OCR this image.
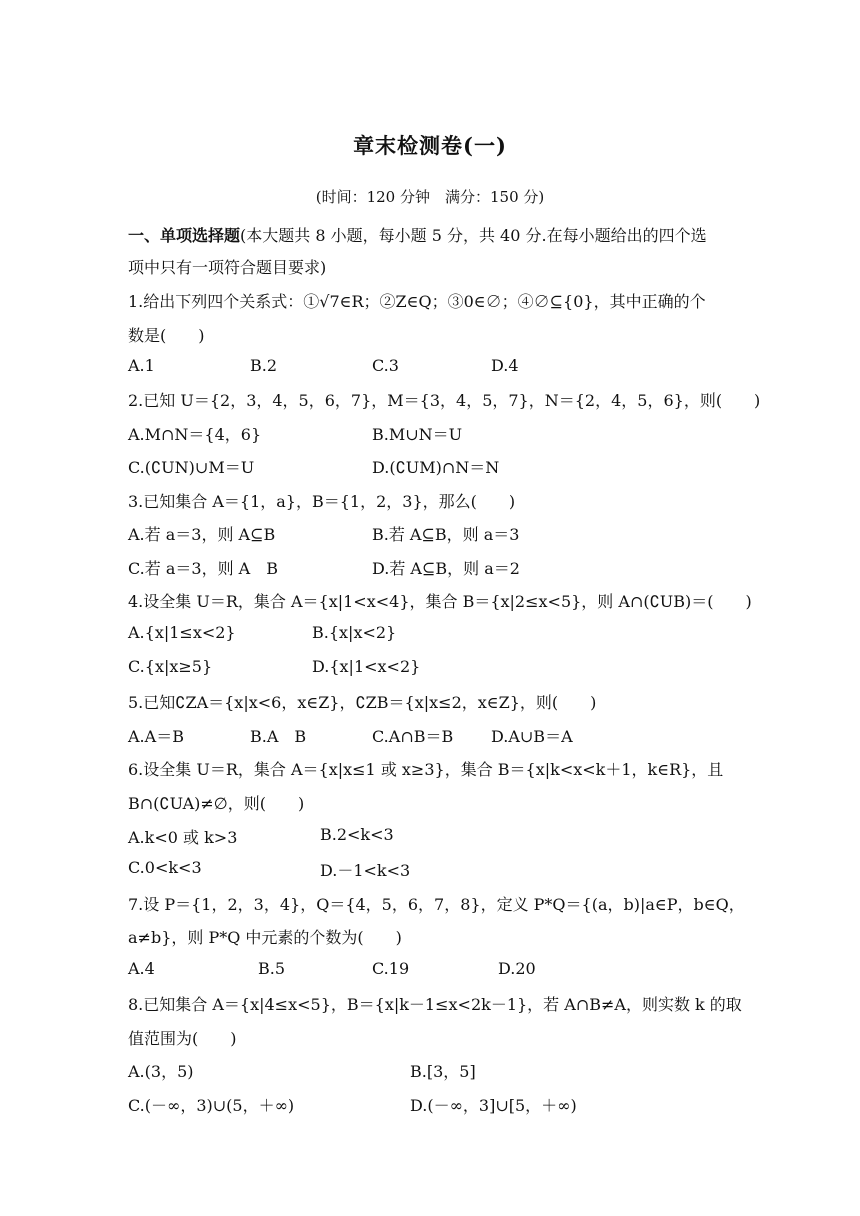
章末检测卷(一)
(时间：120 分钟　满分：150 分)
一、单项选择题(本大题共 8 小题，每小题 5 分，共 40 分.在每小题给出的四个选
项中只有一项符合题目要求)
1.给出下列四个关系式：①√7∈R；②Z∈Q；③0∈∅；④∅⊆{0}，其中正确的个
数是(　　)
A.1	B.2	C.3	D.4
2.已知 U＝{2，3，4，5，6，7}，M＝{3，4，5，7}，N＝{2，4，5，6}，则(　　)
A.M∩N＝{4，6}	B.M∪N＝U
C.(∁UN)∪M＝U	D.(∁UM)∩N＝N
3.已知集合 A＝{1，a}，B＝{1，2，3}，那么(　　)
A.若 a＝3，则 A⊆B	B.若 A⊆B，则 a＝3
C.若 a＝3，则 A　B	D.若 A⊆B，则 a＝2
4.设全集 U＝R，集合 A＝{x|1<x<4}，集合 B＝{x|2≤x<5}，则 A∩(∁UB)＝(　　)
A.{x|1≤x<2}	B.{x|x<2}
C.{x|x≥5}	D.{x|1<x<2}
5.已知∁ZA＝{x|x<6，x∈Z}，∁ZB＝{x|x≤2，x∈Z}，则(　　)
A.A＝B	B.A　B	C.A∩B＝B D.A∪B＝A
6.设全集 U＝R，集合 A＝{x|x≤1 或 x≥3}，集合 B＝{x|k<x<k＋1，k∈R}，且
B∩(∁UA)≠∅，则(　　)
A.k<0 或 k>3	B.2<k<3
C.0<k<3	D.－1<k<3
7.设 P＝{1，2，3，4}，Q＝{4，5，6，7，8}，定义 P*Q＝{(a，b)|a∈P，b∈Q，
a≠b}，则 P*Q 中元素的个数为(　　)
A.4	B.5	C.19	D.20
8.已知集合 A＝{x|4≤x<5}，B＝{x|k－1≤x<2k－1}，若 A∩B≠A，则实数 k 的取
值范围为(　　)
A.(3，5)	B.[3，5]
C.(－∞，3)∪(5，＋∞)	D.(－∞，3]∪[5，＋∞)
